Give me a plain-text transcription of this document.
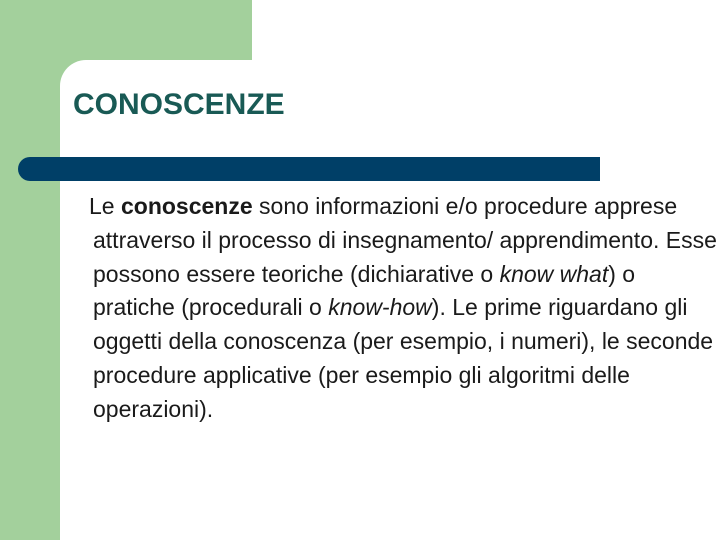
CONOSCENZE

Le conoscenze sono informazioni e/o procedure apprese attraverso il processo di insegnamento/ apprendimento. Esse possono essere teoriche (dichiarative o know what) o pratiche (procedurali o know-how). Le prime riguardano gli oggetti della conoscenza (per esempio, i numeri), le seconde procedure applicative (per esempio gli algoritmi delle operazioni).
